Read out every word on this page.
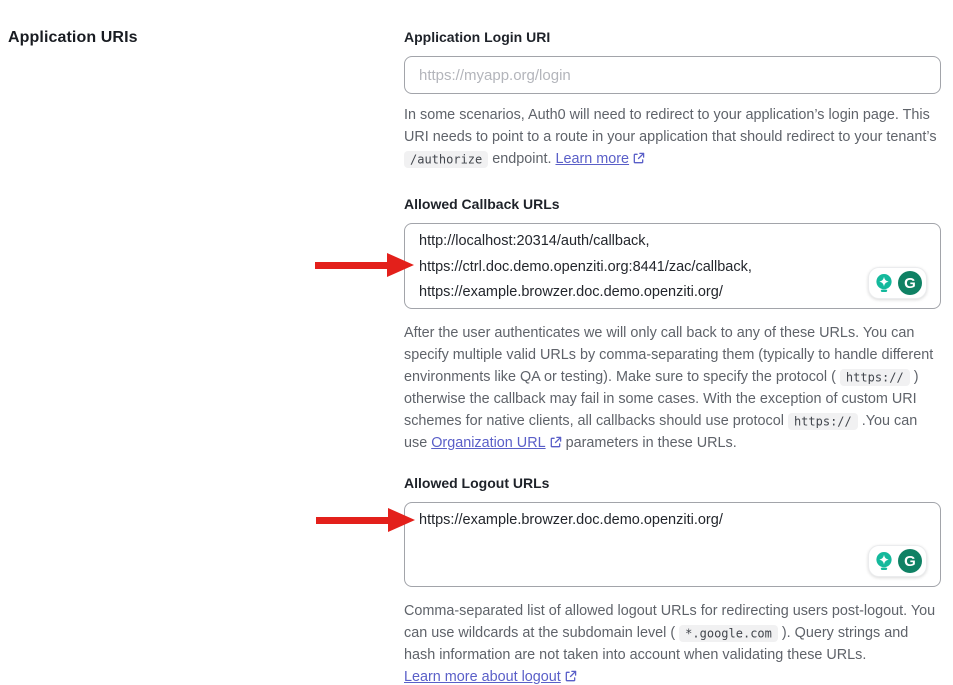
Application URIs	Application Login URI
https://myapp.org/login

In some scenarios, Auth0 will need to redirect to your application’s login page. This URI needs to point to a route in your application that should redirect to your tenant’s /authorize endpoint. Learn more

Allowed Callback URLs
http://localhost:20314/auth/callback, https://ctrl.doc.demo.openziti.org:8441/zac/callback, https://example.browzer.doc.demo.openziti.org/
G

After the user authenticates we will only call back to any of these URLs. You can specify multiple valid URLs by comma-separating them (typically to handle different environments like QA or testing). Make sure to specify the protocol ( https:// ) otherwise the callback may fail in some cases. With the exception of custom URI schemes for native clients, all callbacks should use protocol https:// .You can use Organization URL parameters in these URLs.

Allowed Logout URLs
https://example.browzer.doc.demo.openziti.org/
G

Comma-separated list of allowed logout URLs for redirecting users post-logout. You can use wildcards at the subdomain level ( *.google.com ). Query strings and hash information are not taken into account when validating these URLs.
Learn more about logout
